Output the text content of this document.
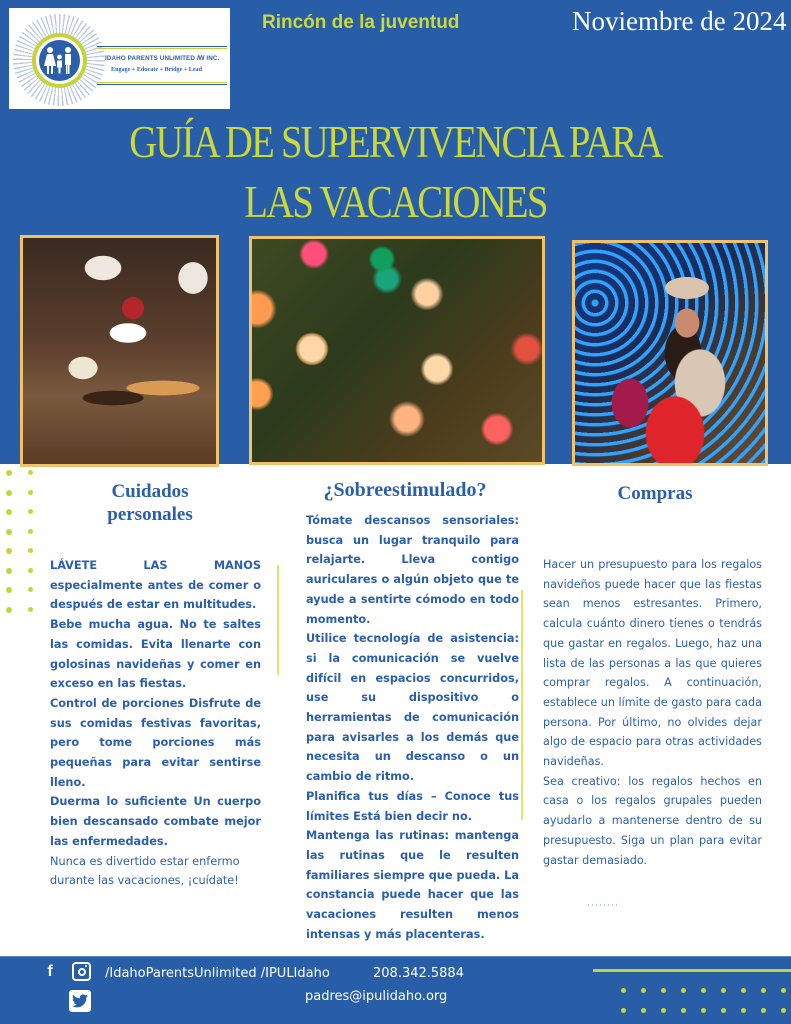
IDAHO PARENTS UNLIMITED ꟿ INC.
Engage + Educate + Bridge + Lead
Rincón de la juventud	Noviembre de 2024
GUÍA DE SUPERVIVENCIA PARA
LAS VACACIONES
Cuidados personales

LÁVETE LAS MANOS especialmente antes de comer o después de estar en multitudes.

Bebe mucha agua. No te saltes las comidas. Evita llenarte con golosinas navideñas y comer en exceso en las fiestas.

Control de porciones Disfrute de sus comidas festivas favoritas, pero tome porciones más pequeñas para evitar sentirse lleno.

Duerma lo suficiente Un cuerpo bien descansado combate mejor las enfermedades.

Nunca es divertido estar enfermo durante las vacaciones, ¡cuídate!

¿Sobreestimulado?

Tómate descansos sensoriales: busca un lugar tranquilo para relajarte. Lleva contigo auriculares o algún objeto que te ayude a sentirte cómodo en todo momento.

Utilice tecnología de asistencia: si la comunicación se vuelve difícil en espacios concurridos, use su dispositivo o herramientas de comunicación para avisarles a los demás que necesita un descanso o un cambio de ritmo.

Planifica tus días – Conoce tus límites Está bien decir no.

Mantenga las rutinas: mantenga las rutinas que le resulten familiares siempre que pueda. La constancia puede hacer que las vacaciones resulten menos intensas y más placenteras.

Compras

Hacer un presupuesto para los regalos navideños puede hacer que las fiestas sean menos estresantes. Primero, calcula cuánto dinero tienes o tendrás que gastar en regalos. Luego, haz una lista de las personas a las que quieres comprar regalos. A continuación, establece un límite de gasto para cada persona. Por último, no olvides dejar algo de espacio para otras actividades navideñas.

Sea creativo: los regalos hechos en casa o los regalos grupales pueden ayudarlo a mantenerse dentro de su presupuesto. Siga un plan para evitar gastar demasiado.

f	/IdahoParentsUnlimited /IPULIdaho	208.342.5884
padres@ipulidaho.org
